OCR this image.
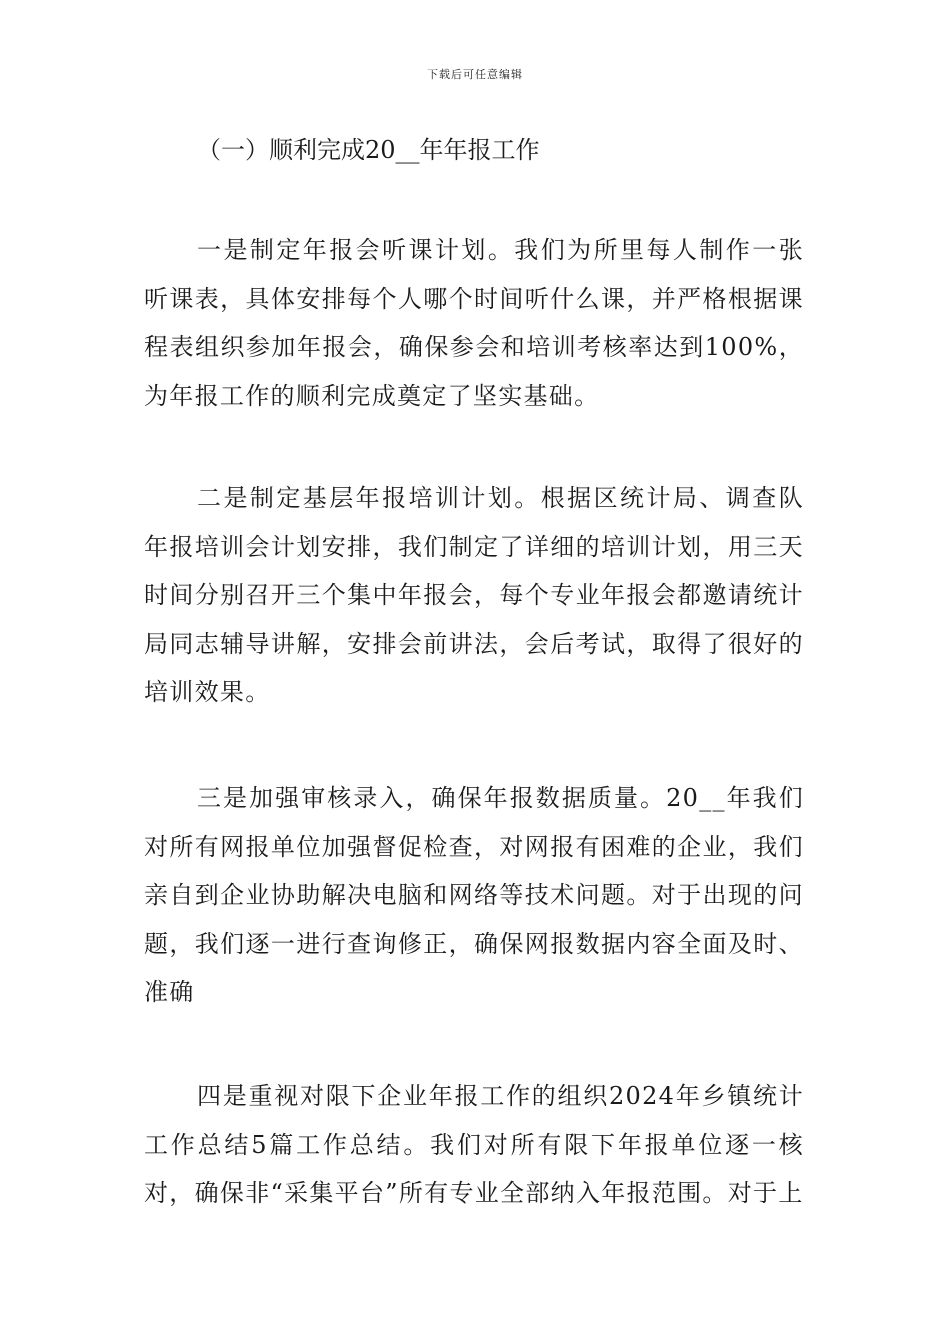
下载后可任意编辑
（一）顺利完成20__年年报工作

一是制定年报会听课计划。我们为所里每人制作一张听课表，具体安排每个人哪个时间听什么课，并严格根据课程表组织参加年报会，确保参会和培训考核率达到100%，为年报工作的顺利完成奠定了坚实基础。

二是制定基层年报培训计划。根据区统计局、调查队年报培训会计划安排，我们制定了详细的培训计划，用三天时间分别召开三个集中年报会，每个专业年报会都邀请统计局同志辅导讲解，安排会前讲法，会后考试，取得了很好的培训效果。

三是加强审核录入，确保年报数据质量。20__年我们对所有网报单位加强督促检查，对网报有困难的企业，我们亲自到企业协助解决电脑和网络等技术问题。对于出现的问题，我们逐一进行查询修正，确保网报数据内容全面及时、准确

四是重视对限下企业年报工作的组织2024年乡镇统计工作总结5篇工作总结。我们对所有限下年报单位逐一核对，确保非“采集平台”所有专业全部纳入年报范围。对于上
